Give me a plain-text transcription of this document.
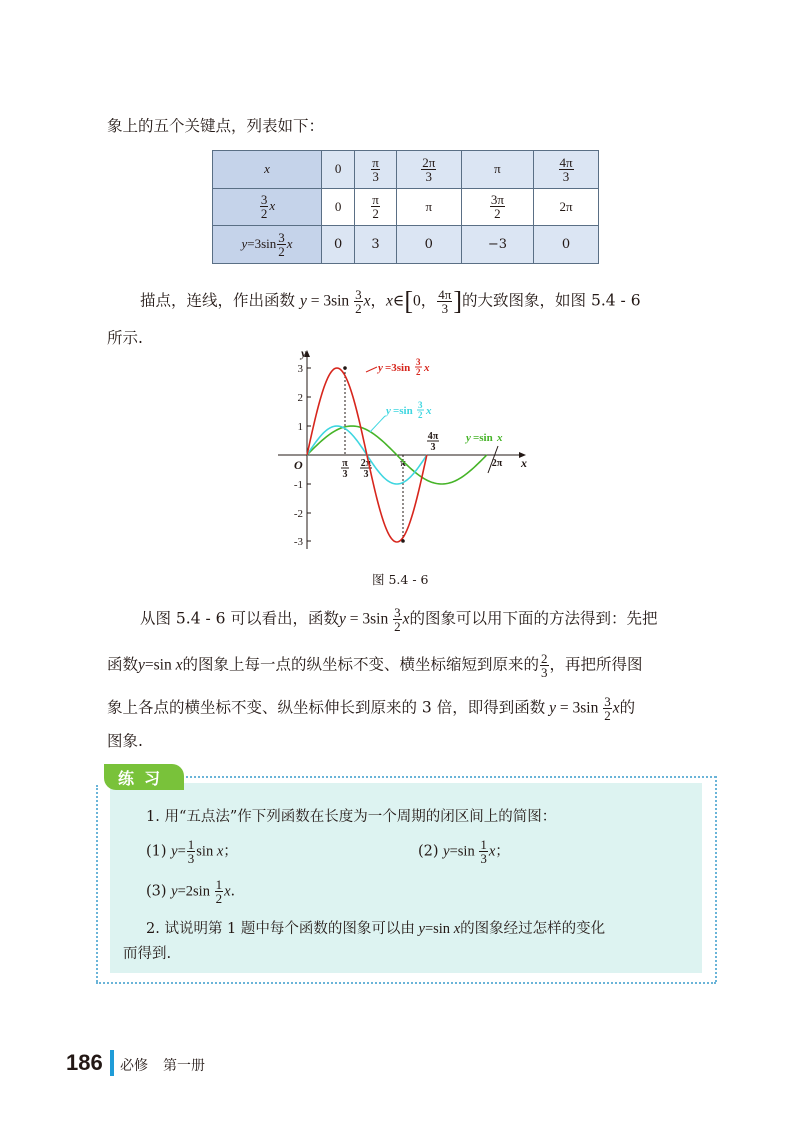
象上的五个关键点，列表如下：
x	0	$\frac{\pi}{3}$	$\frac{2\pi}{3}$	π	$\frac{4\pi}{3}$

$\frac{3}{2}$ x	0	$\frac{\pi}{2}$	π	$\frac{3\pi}{2}$	2π
$y=3\sin \frac{3}{2}$ x	0	3	0	−3	0
描点，连线，作出函数 $y = 3\sin \frac{3}{2}$ x，x∈[0， $\frac{4\pi}{3}$ ]的大致图象，如图 5.4 - 6
所示.
3
2
1
-1
-2
-3
y
x
O	π
3
2π
3
π
4π
3
2π
y =3sin 3
2 x
y =sin 3
2 x
y =sin x
图 5.4 - 6
从图 5.4 - 6 可以看出，函数$y = 3\sin \frac{3}{2}$ x的图象可以用下面的方法得到：先把
函数y=sin x的图象上每一点的纵坐标不变、横坐标缩短到原来的 $\frac{2}{3}$ ，再把所得图
象上各点的横坐标不变、纵坐标伸长到原来的 3 倍，即得到函数 $y = 3\sin \frac{3}{2}$ x的
图象.
练习
1. 用“五点法”作下列函数在长度为一个周期的闭区间上的简图：
(1) $y= \frac{1}{3}$ sin x；	(2) $y=\sin \frac{1}{3}$ x；
(3) $y=2\sin \frac{1}{2} x$.
2. 试说明第 1 题中每个函数的图象可以由 y=sin x的图象经过怎样的变化
而得到.
186 必修 第一册
